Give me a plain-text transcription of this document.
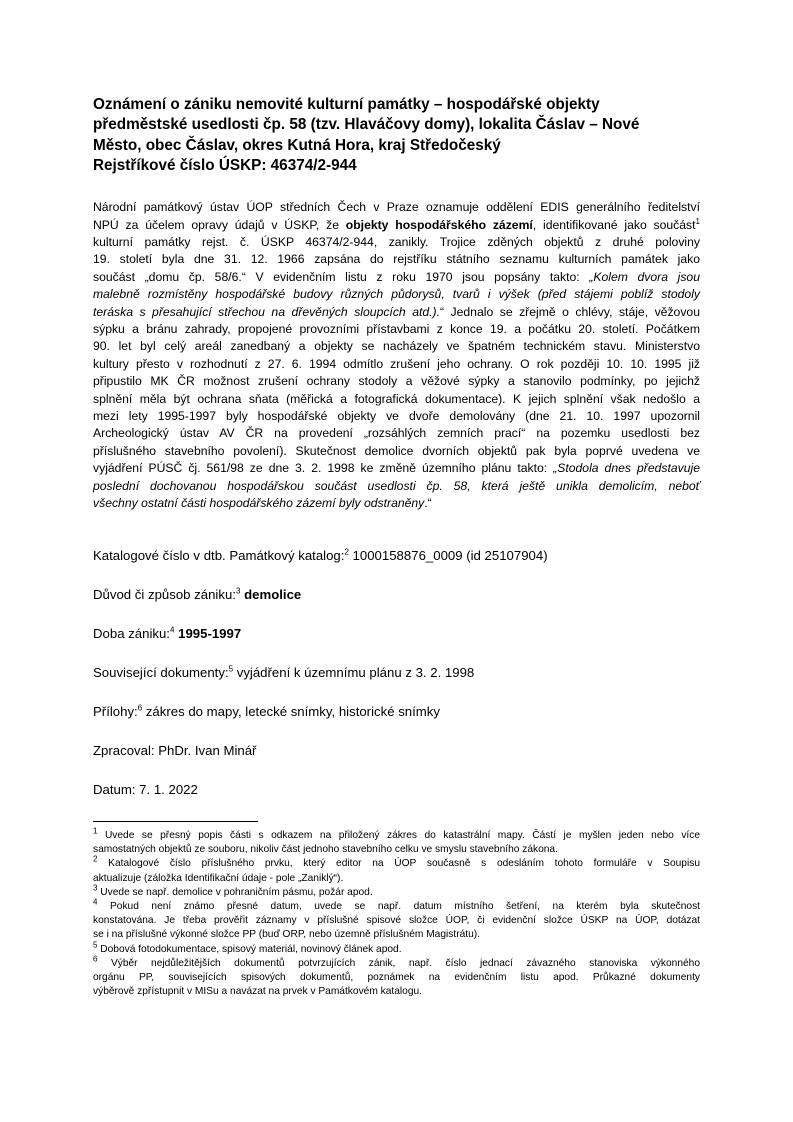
Oznámení o zániku nemovité kulturní památky – hospodářské objekty
předměstské usedlosti čp. 58 (tzv. Hlaváčovy domy), lokalita Čáslav – Nové
Město, obec Čáslav, okres Kutná Hora, kraj Středočeský
Rejstříkové číslo ÚSKP: 46374/2-944
Národní památkový ústav ÚOP středních Čech v Praze oznamuje oddělení EDIS generálního ředitelství
NPÚ za účelem opravy údajů v ÚSKP, že objekty hospodářského zázemí, identifikované jako součást$^1$
kulturní památky rejst. č. ÚSKP 46374/2-944, zanikly. Trojice zděných objektů z druhé poloviny
19. století byla dne 31. 12. 1966 zapsána do rejstříku státního seznamu kulturních památek jako
součást „domu čp. 58/6.“ V evidenčním listu z roku 1970 jsou popsány takto: „Kolem dvora jsou
malebně rozmístěny hospodářské budovy různých půdorysů, tvarů i výšek (před stájemi poblíž stodoly
teráska s přesahující střechou na dřevěných sloupcích atd.).“ Jednalo se zřejmě o chlévy, stáje, věžovou
sýpku a bránu zahrady, propojené provozními přístavbami z konce 19. a počátku 20. století. Počátkem
90. let byl celý areál zanedbaný a objekty se nacházely ve špatném technickém stavu. Ministerstvo
kultury přesto v rozhodnutí z 27. 6. 1994 odmítlo zrušení jeho ochrany. O rok později 10. 10. 1995 již
připustilo MK ČR možnost zrušení ochrany stodoly a věžové sýpky a stanovilo podmínky, po jejichž
splnění měla být ochrana sňata (měřická a fotografická dokumentace). K jejich splnění však nedošlo a
mezi lety 1995-1997 byly hospodářské objekty ve dvoře demolovány (dne 21. 10. 1997 upozornil
Archeologický ústav AV ČR na provedení „rozsáhlých zemních prací“ na pozemku usedlosti bez
příslušného stavebního povolení). Skutečnost demolice dvorních objektů pak byla poprvé uvedena ve
vyjádření PÚSČ čj. 561/98 ze dne 3. 2. 1998 ke změně územního plánu takto: „Stodola dnes představuje
poslední dochovanou hospodářskou součást usedlosti čp. 58, která ještě unikla demolicím, neboť
všechny ostatní části hospodářského zázemí byly odstraněny.“

Katalogové číslo v dtb. Památkový katalog:$^2$ 1000158876_0009 (id 25107904)

Důvod či způsob zániku:$^3$ demolice

Doba zániku:$^4$ 1995-1997

Související dokumenty:$^5$ vyjádření k územnímu plánu z 3. 2. 1998

Přílohy:$^6$ zákres do mapy, letecké snímky, historické snímky

Zpracoval: PhDr. Ivan Minář

Datum: 7. 1. 2022

$^1$ Uvede se přesný popis části s odkazem na přiložený zákres do katastrální mapy. Částí je myšlen jeden nebo více
samostatných objektů ze souboru, nikoliv část jednoho stavebního celku ve smyslu stavebního zákona.
$^2$ Katalogové číslo příslušného prvku, který editor na ÚOP současně s odesláním tohoto formuláře v Soupisu
aktualizuje (záložka Identifikační údaje - pole „Zaniklý“).
$^3$ Uvede se např. demolice v pohraničním pásmu, požár apod.
$^4$ Pokud není známo přesné datum, uvede se např. datum místního šetření, na kterém byla skutečnost
konstatována. Je třeba prověřit záznamy v příslušné spisové složce ÚOP, či evidenční složce ÚSKP na ÚOP, dotázat
se i na příslušné výkonné složce PP (buď ORP, nebo územně příslušném Magistrátu).
$^5$ Dobová fotodokumentace, spisový materiál, novinový článek apod.
$^6$ Výběr nejdůležitějších dokumentů potvrzujících zánik, např. číslo jednací závazného stanoviska výkonného
orgánu PP, souvisejících spisových dokumentů, poznámek na evidenčním listu apod. Průkazné dokumenty
výběrově zpřístupnit v MISu a navázat na prvek v Památkovém katalogu.
